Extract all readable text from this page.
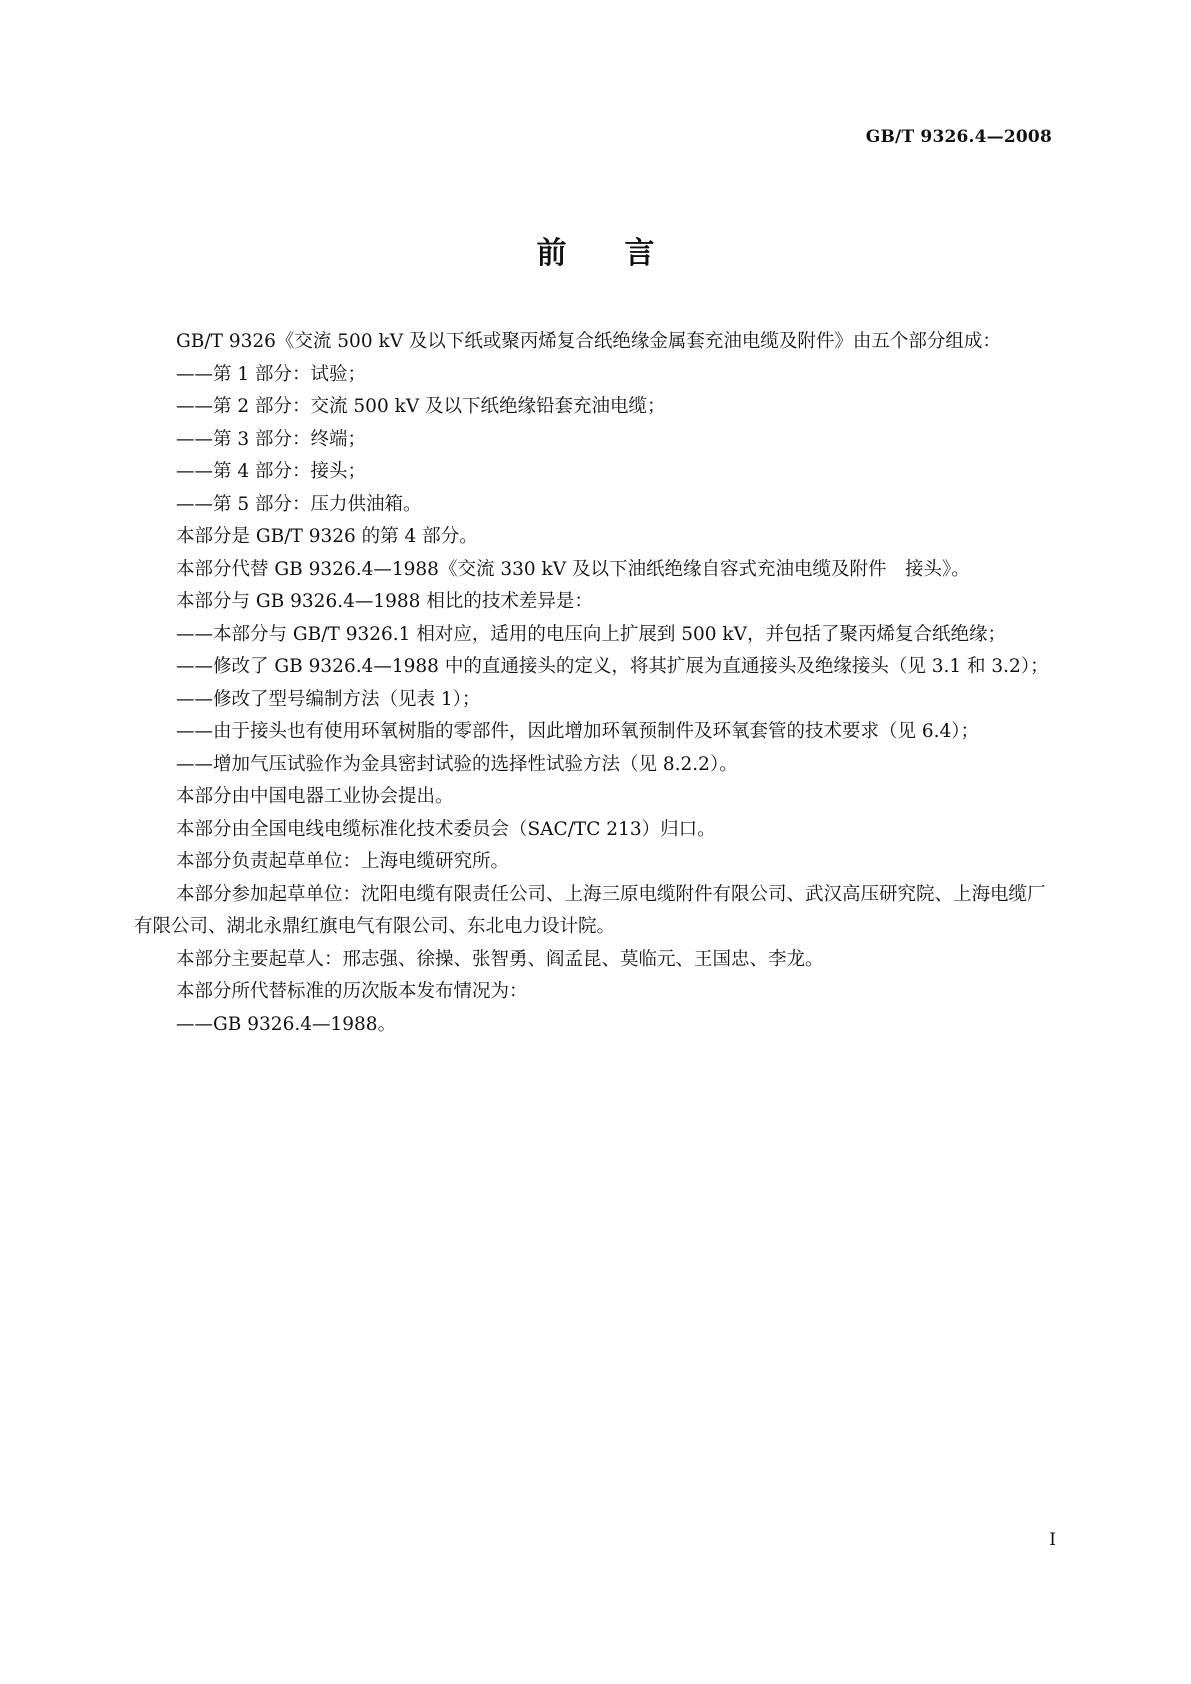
GB/T 9326.4—2008
前言

GB/T 9326《交流 500 kV 及以下纸或聚丙烯复合纸绝缘金属套充油电缆及附件》由五个部分组成：

——第 1 部分：试验；

——第 2 部分：交流 500 kV 及以下纸绝缘铅套充油电缆；

——第 3 部分：终端；

——第 4 部分：接头；

——第 5 部分：压力供油箱。

本部分是 GB/T 9326 的第 4 部分。

本部分代替 GB 9326.4—1988《交流 330 kV 及以下油纸绝缘自容式充油电缆及附件　接头》。

本部分与 GB 9326.4—1988 相比的技术差异是：

——本部分与 GB/T 9326.1 相对应，适用的电压向上扩展到 500 kV，并包括了聚丙烯复合纸绝缘；

——修改了 GB 9326.4—1988 中的直通接头的定义，将其扩展为直通接头及绝缘接头（见 3.1 和 3.2）；

——修改了型号编制方法（见表 1）；

——由于接头也有使用环氧树脂的零部件，因此增加环氧预制件及环氧套管的技术要求（见 6.4）；

——增加气压试验作为金具密封试验的选择性试验方法（见 8.2.2）。

本部分由中国电器工业协会提出。

本部分由全国电线电缆标准化技术委员会（SAC/TC 213）归口。

本部分负责起草单位：上海电缆研究所。

本部分参加起草单位：沈阳电缆有限责任公司、上海三原电缆附件有限公司、武汉高压研究院、上海电缆厂有限公司、湖北永鼎红旗电气有限公司、东北电力设计院。

本部分主要起草人：邢志强、徐操、张智勇、阎孟昆、莫临元、王国忠、李龙。

本部分所代替标准的历次版本发布情况为：

——GB 9326.4—1988。

I
